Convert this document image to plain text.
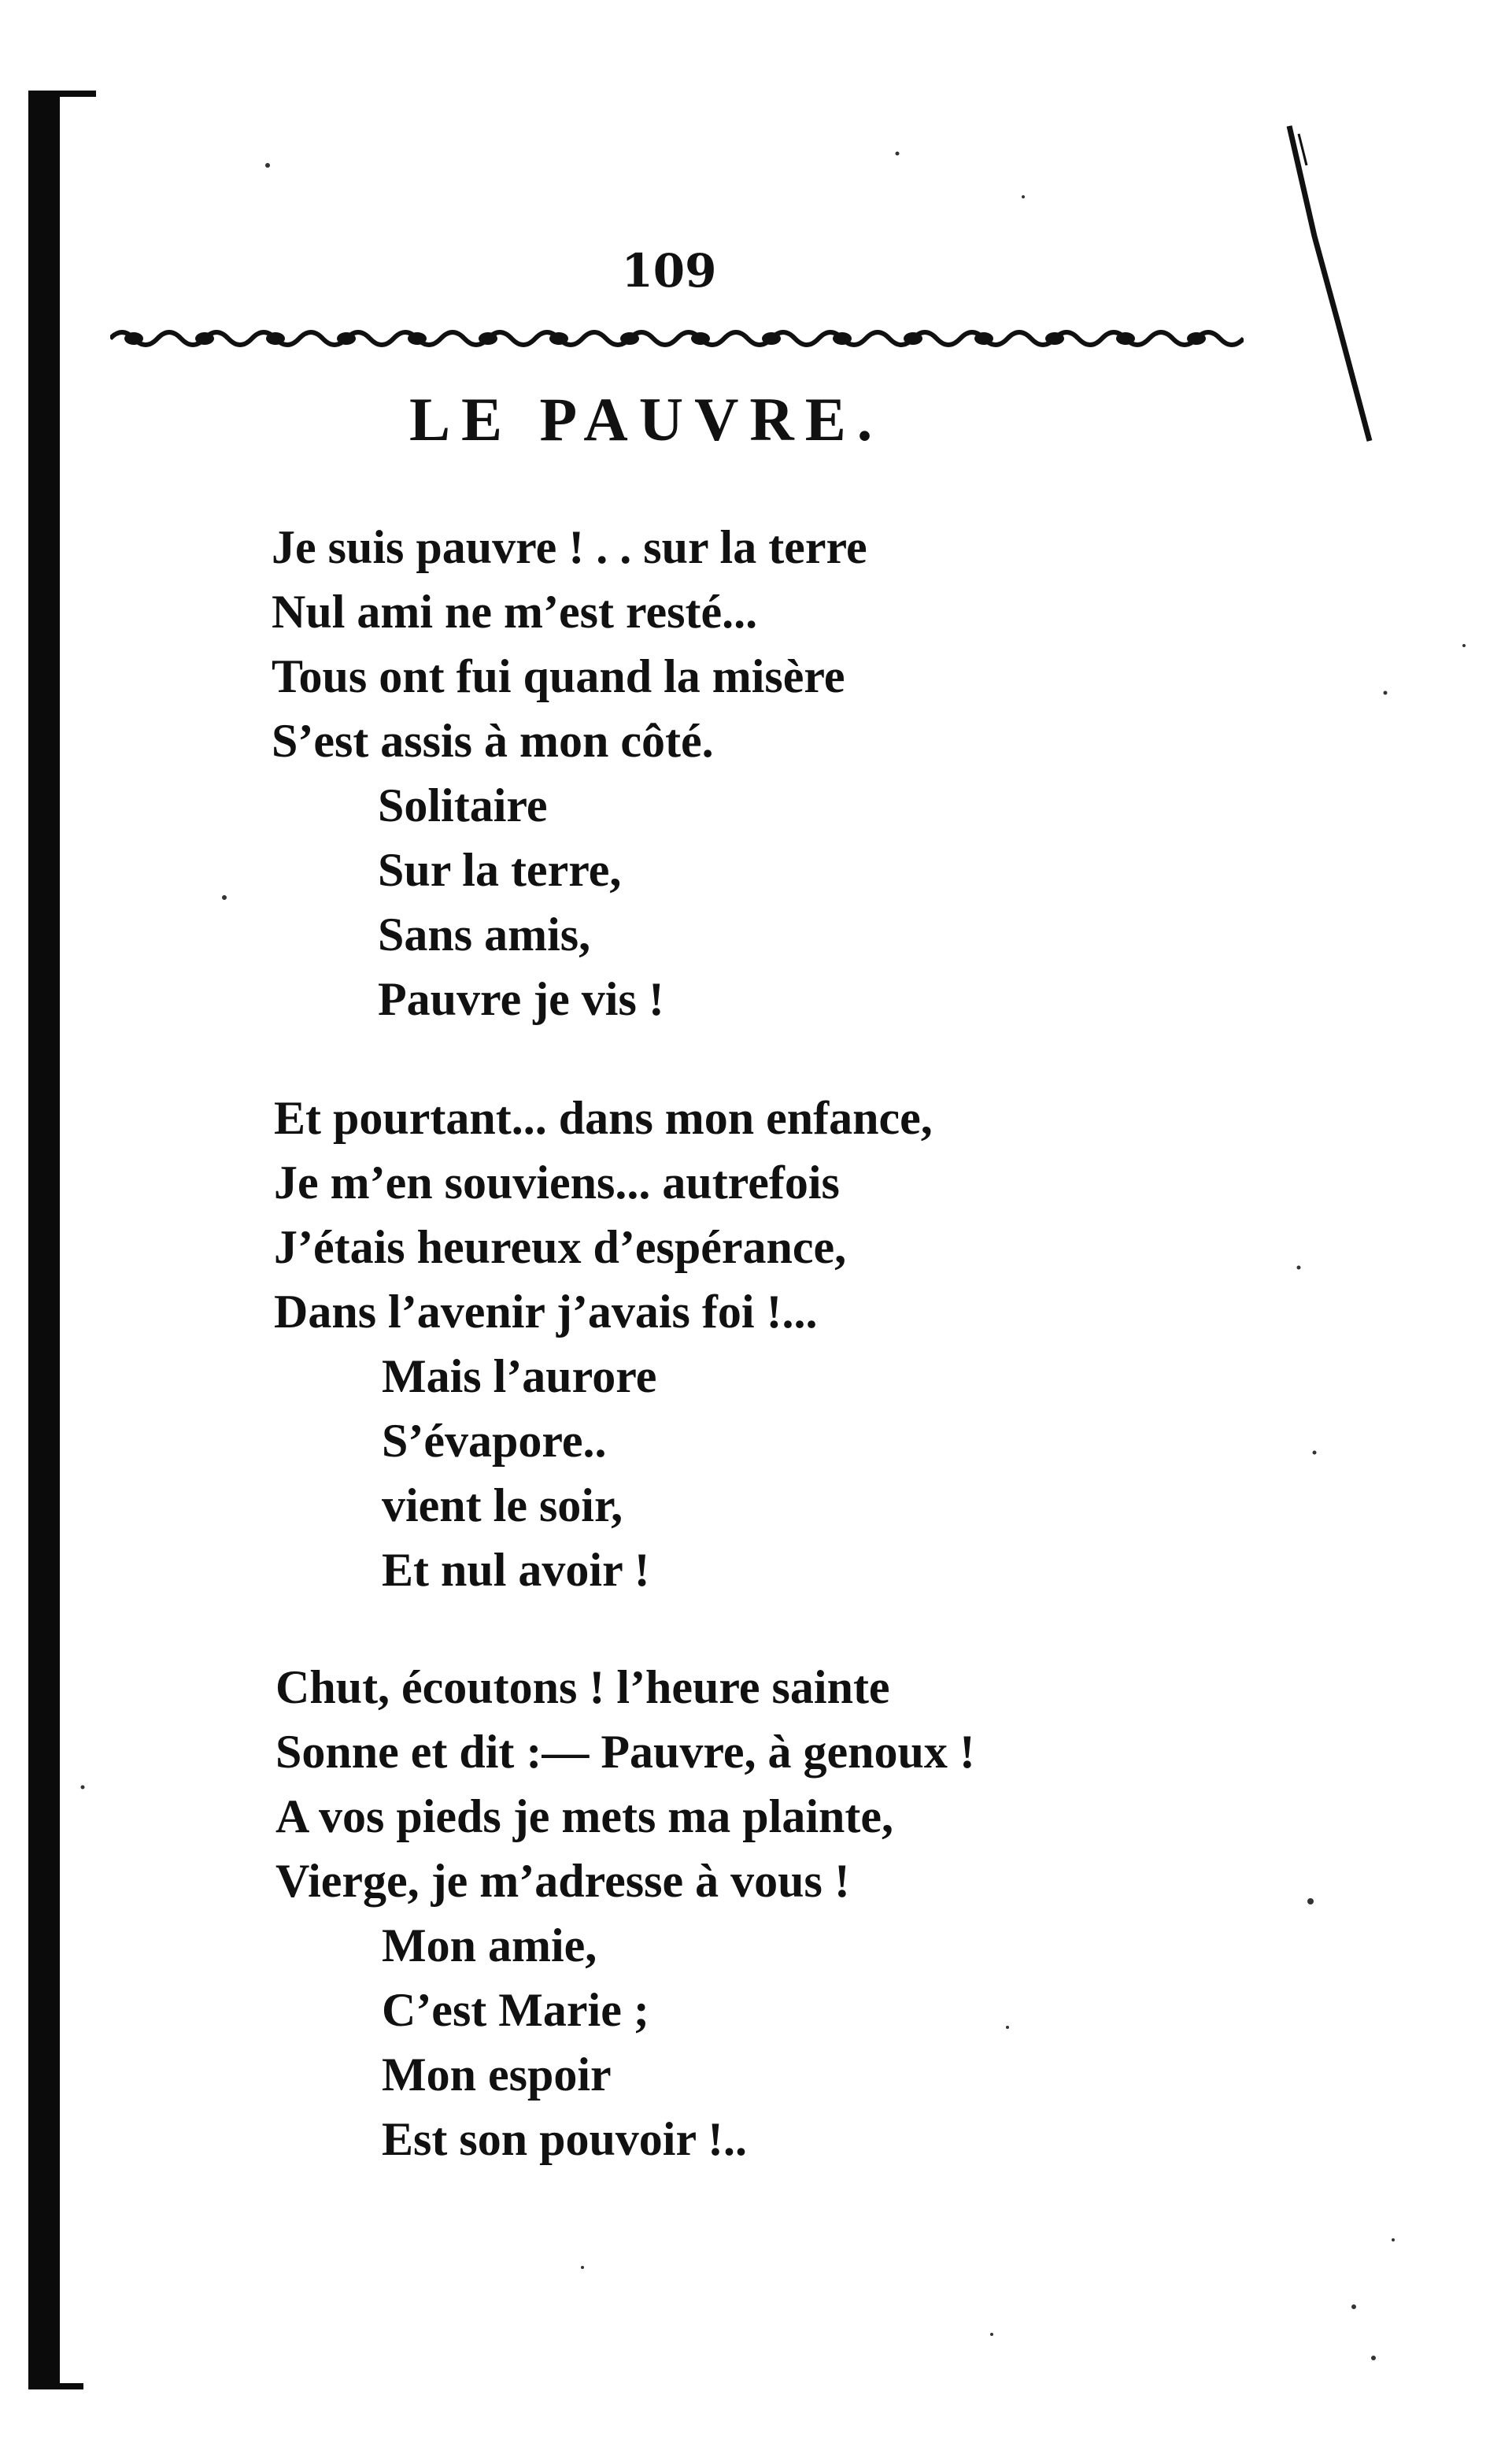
109
LE PAUVRE.
Je suis pauvre ! . . sur la terre
Nul ami ne m’est resté...
Tous ont fui quand la misère
S’est assis à mon côté.
Solitaire
Sur la terre,
Sans amis,
Pauvre je vis !
Et pourtant... dans mon enfance,
Je m’en souviens... autrefois
J’étais heureux d’espérance,
Dans l’avenir j’avais foi !...
Mais l’aurore
S’évapore..
vient le soir,
Et nul avoir !
Chut, écoutons ! l’heure sainte
Sonne et dit :— Pauvre, à genoux !
A vos pieds je mets ma plainte,
Vierge, je m’adresse à vous !
Mon amie,
C’est Marie ;
Mon espoir
Est son pouvoir !..
